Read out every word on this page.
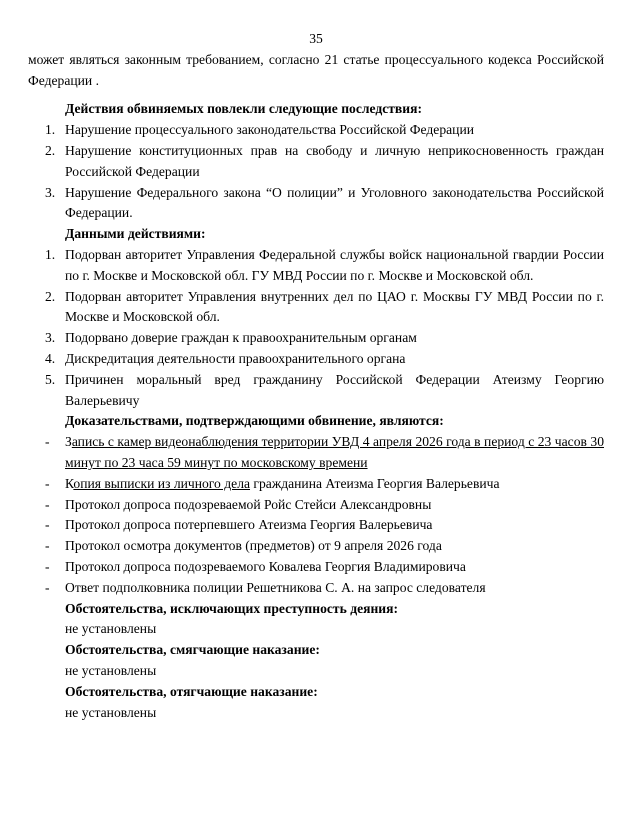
35
может являться законным требованием, согласно 21 статье процессуального кодекса Российской Федерации .
Действия обвиняемых повлекли следующие последствия:
1. Нарушение процессуального законодательства Российской Федерации
2. Нарушение конституционных прав на свободу и личную неприкосновенность граждан Российской Федерации
3. Нарушение Федерального закона “О полиции” и Уголовного законодательства Российской Федерации.
Данными действиями:
1. Подорван авторитет Управления Федеральной службы войск национальной гвардии России по г. Москве и Московской обл. ГУ МВД России по г. Москве и Московской обл.
2. Подорван авторитет Управления внутренних дел по ЦАО г. Москвы ГУ МВД России по г. Москве и Московской обл.
3. Подорвано доверие граждан к правоохранительным органам
4. Дискредитация деятельности правоохранительного органа
5. Причинен моральный вред гражданину Российской Федерации Атеизму Георгию Валерьевичу
Доказательствами, подтверждающими обвинение, являются:
- Запись с камер видеонаблюдения территории УВД 4 апреля 2026 года в период с 23 часов 30 минут по 23 часа 59 минут по московскому времени
- Копия выписки из личного дела гражданина Атеизма Георгия Валерьевича
- Протокол допроса подозреваемой Ройс Стейси Александровны
- Протокол допроса потерпевшего Атеизма Георгия Валерьевича
- Протокол осмотра документов (предметов) от 9 апреля 2026 года
- Протокол допроса подозреваемого Ковалева Георгия Владимировича
- Ответ подполковника полиции Решетникова С. А. на запрос следователя
Обстоятельства, исключающих преступность деяния:
не установлены
Обстоятельства, смягчающие наказание:
не установлены
Обстоятельства, отягчающие наказание:
не установлены
